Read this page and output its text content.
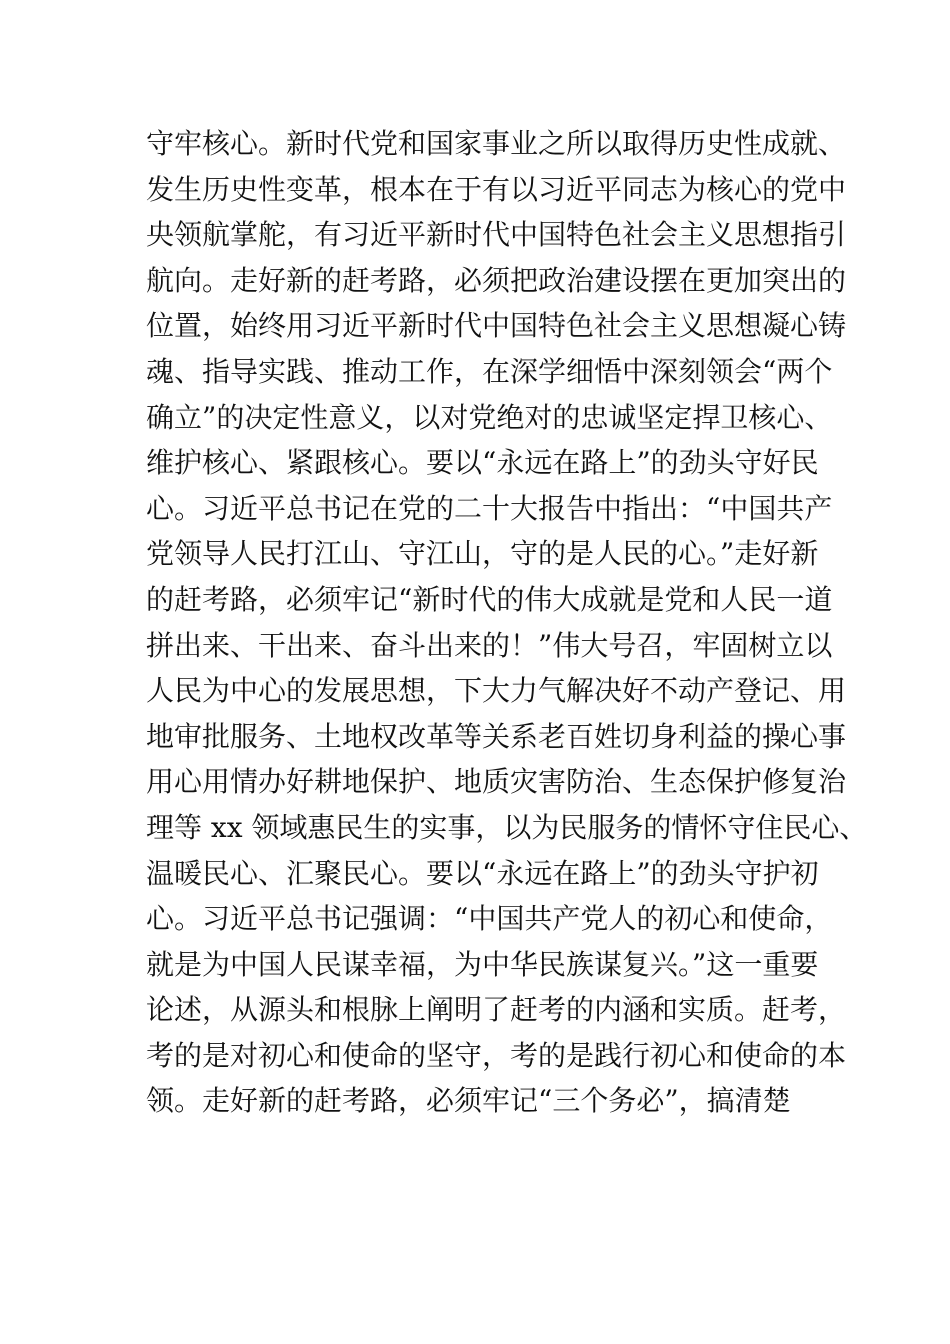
守牢核心。新时代党和国家事业之所以取得历史性成就、
发生历史性变革，根本在于有以习近平同志为核心的党中
央领航掌舵，有习近平新时代中国特色社会主义思想指引
航向。走好新的赶考路，必须把政治建设摆在更加突出的
位置，始终用习近平新时代中国特色社会主义思想凝心铸
魂、指导实践、推动工作，在深学细悟中深刻领会“两个
确立”的决定性意义，以对党绝对的忠诚坚定捍卫核心、
维护核心、紧跟核心。要以“永远在路上”的劲头守好民
心。习近平总书记在党的二十大报告中指出：“中国共产
党领导人民打江山、守江山，守的是人民的心。”走好新
的赶考路，必须牢记“新时代的伟大成就是党和人民一道
拼出来、干出来、奋斗出来的！”伟大号召，牢固树立以
人民为中心的发展思想，下大力气解决好不动产登记、用
地审批服务、土地权改革等关系老百姓切身利益的操心事
用心用情办好耕地保护、地质灾害防治、生态保护修复治
理等 xx 领域惠民生的实事，以为民服务的情怀守住民心、
温暖民心、汇聚民心。要以“永远在路上”的劲头守护初
心。习近平总书记强调：“中国共产党人的初心和使命，
就是为中国人民谋幸福，为中华民族谋复兴。”这一重要
论述，从源头和根脉上阐明了赶考的内涵和实质。赶考，
考的是对初心和使命的坚守，考的是践行初心和使命的本
领。走好新的赶考路，必须牢记“三个务必”，搞清楚
